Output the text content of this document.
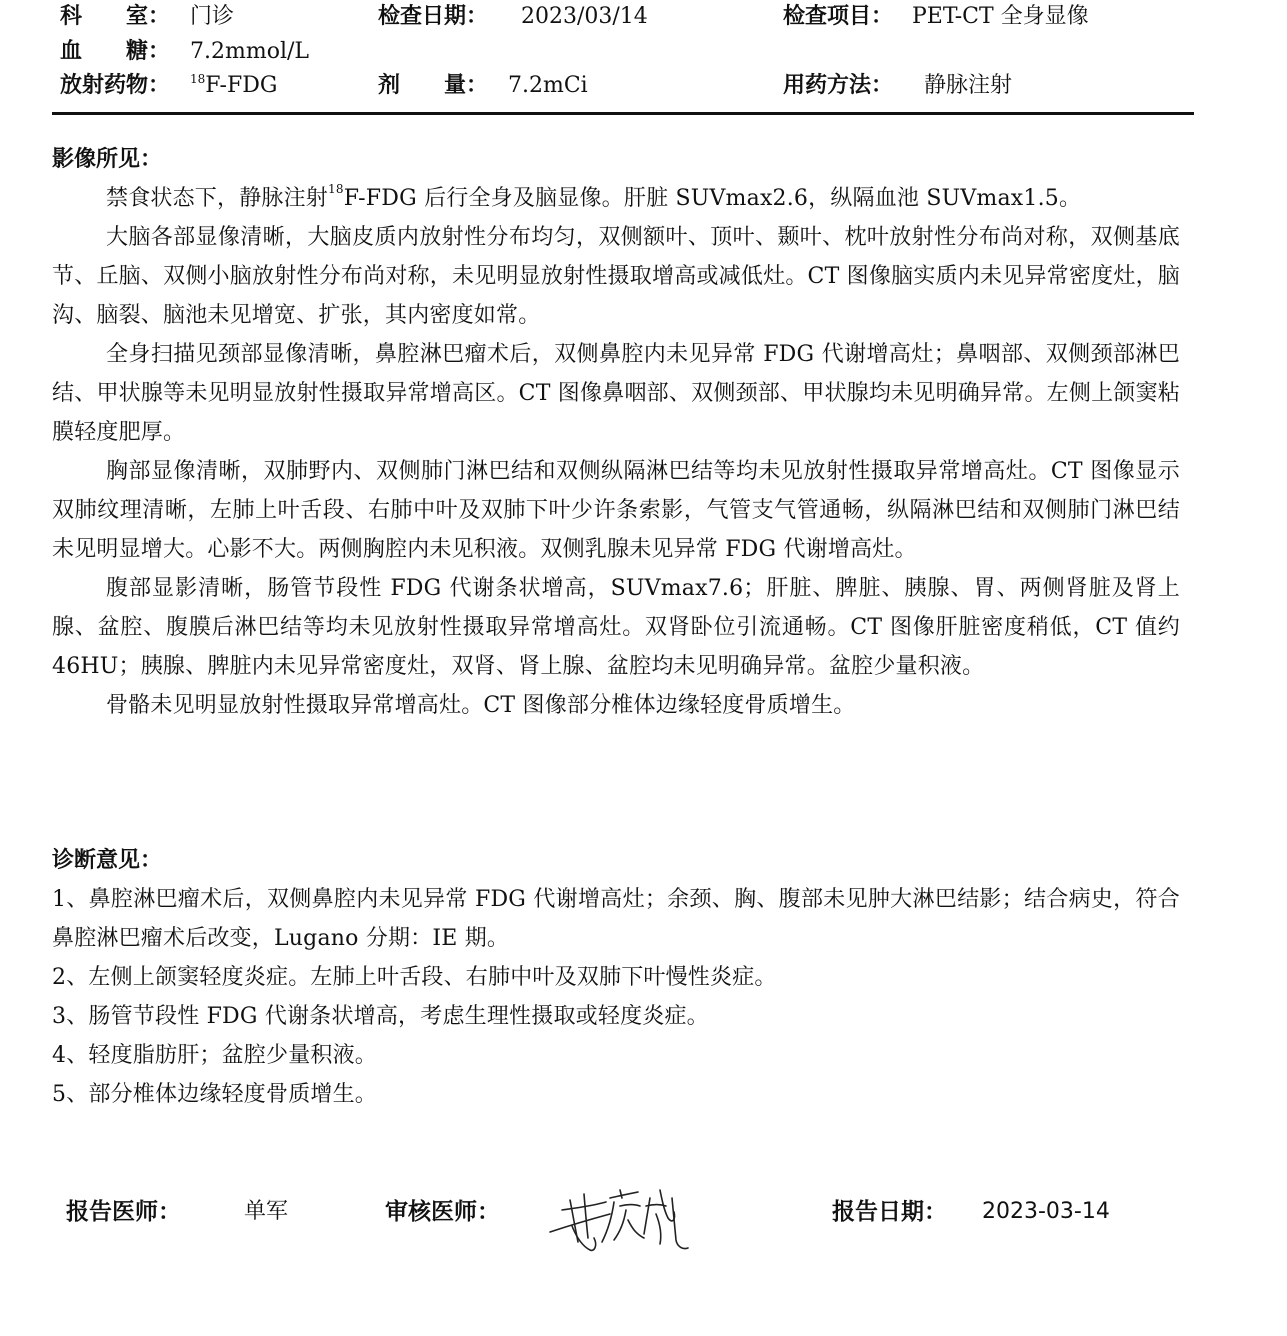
科　　室： 门诊	检查日期： 2023/03/14	检查项目： PET-CT 全身显像
血　　糖： 7.2mmol/L
放射药物： $^{18}$F-FDG	剂　　量： 7.2mCi	用药方法： 静脉注射
影像所见：

禁食状态下，静脉注射$^{18}$F-FDG 后行全身及脑显像。肝脏 SUVmax2.6，纵隔血池 SUVmax1.5。

大脑各部显像清晰，大脑皮质内放射性分布均匀，双侧额叶、顶叶、颞叶、枕叶放射性分布尚对称，双侧基底节、丘脑、双侧小脑放射性分布尚对称，未见明显放射性摄取增高或减低灶。CT 图像脑实质内未见异常密度灶，脑沟、脑裂、脑池未见增宽、扩张，其内密度如常。

全身扫描见颈部显像清晰，鼻腔淋巴瘤术后，双侧鼻腔内未见异常 FDG 代谢增高灶；鼻咽部、双侧颈部淋巴结、甲状腺等未见明显放射性摄取异常增高区。CT 图像鼻咽部、双侧颈部、甲状腺均未见明确异常。左侧上颌窦粘膜轻度肥厚。

胸部显像清晰，双肺野内、双侧肺门淋巴结和双侧纵隔淋巴结等均未见放射性摄取异常增高灶。CT 图像显示双肺纹理清晰，左肺上叶舌段、右肺中叶及双肺下叶少许条索影，气管支气管通畅，纵隔淋巴结和双侧肺门淋巴结未见明显增大。心影不大。两侧胸腔内未见积液。双侧乳腺未见异常 FDG 代谢增高灶。

腹部显影清晰，肠管节段性 FDG 代谢条状增高，SUVmax7.6；肝脏、脾脏、胰腺、胃、两侧肾脏及肾上腺、盆腔、腹膜后淋巴结等均未见放射性摄取异常增高灶。双肾卧位引流通畅。CT 图像肝脏密度稍低，CT 值约 46HU；胰腺、脾脏内未见异常密度灶，双肾、肾上腺、盆腔均未见明确异常。盆腔少量积液。

骨骼未见明显放射性摄取异常增高灶。CT 图像部分椎体边缘轻度骨质增生。

诊断意见：

1、鼻腔淋巴瘤术后，双侧鼻腔内未见异常 FDG 代谢增高灶；余颈、胸、腹部未见肿大淋巴结影；结合病史，符合鼻腔淋巴瘤术后改变，Lugano 分期：ⅠE 期。

2、左侧上颌窦轻度炎症。左肺上叶舌段、右肺中叶及双肺下叶慢性炎症。

3、肠管节段性 FDG 代谢条状增高，考虑生理性摄取或轻度炎症。

4、轻度脂肪肝；盆腔少量积液。

5、部分椎体边缘轻度骨质增生。

报告医师：	单军	审核医师：	报告日期： 2023-03-14
